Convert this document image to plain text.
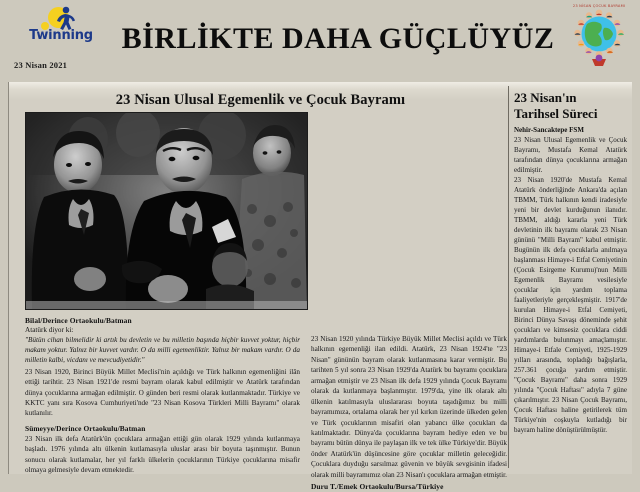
Twinning
23 Nisan 2021
BİRLİKTE DAHA GÜÇLÜYÜZ
23 NİSAN ÇOCUK BAYRAMI
23 Nisan Ulusal Egemenlik ve Çocuk Bayramı
Bilal/Derince Ortaokulu/Batman
Atatürk diyor ki:
"Bütün cihan bilmelidir ki artık bu devletin ve bu milletin başında hiçbir kuvvet yoktur, hiçbir makam yoktur. Yalnız bir kuvvet vardır. O da milli egemenliktir. Yalnız bir makam vardır. O da milletin kalbi, vicdanı ve mevcudiyetidir."
23 Nisan 1920, Birinci Büyük Millet Meclisi'nin açıldığı ve Türk halkının egemenliğini ilân ettiği tarihtir. 23 Nisan 1921'de resmi bayram olarak kabul edilmiştir ve Atatürk tarafından dünya çocuklarına armağan edilmiştir. O günden beri resmi olarak kutlanmaktadır. Türkiye ve KKTC yanı sıra Kosova Cumhuriyeti'nde "23 Nisan Kosova Türkleri Milli Bayramı" olarak kutlanılır.
Sümeyye/Derince Ortaokulu/Batman
23 Nisan ilk defa Atatürk'ün çocuklara armağan ettiği gün olarak 1929 yılında kutlanmaya başladı. 1976 yılında altı ülkenin kutlamasıyla uluslar arası bir boyuta taşınmıştır. Bunun sonucu olarak kutlamalar, her yıl farklı ülkelerin çocuklarının Türkiye çocuklarına misafir olmaya gelmesiyle devam etmektedir.
23 Nisan 1920 yılında Türkiye Büyük Millet Meclisi açıldı ve Türk halkının egemenliği ilan edildi. Atatürk, 23 Nisan 1924'te "23 Nisan" gününün bayram olarak kutlanmasına karar vermiştir. Bu tarihten 5 yıl sonra 23 Nisan 1929'da Atatürk bu bayramı çocuklara armağan etmiştir ve 23 Nisan ilk defa 1929 yılında Çocuk Bayramı olarak da kutlanmaya başlanmıştır. 1979'da, yine ilk olarak altı ülkenin katılmasıyla uluslararası boyuta taşıdığımız bu milli bayramımıza, ortalama olarak her yıl kırkın üzerinde ülkeden gelen ve Türk çocuklarının misafiri olan yabancı ülke çocukları da katılmaktadır. Dünya'da çocuklarına bayram hediye eden ve bu bayramı bütün dünya ile paylaşan ilk ve tek ülke Türkiye'dir. Büyük önder Atatürk'ün düşüncesine göre çocuklar milletin geleceğidir. Çocuklara duyduğu sarsılmaz güvenin ve büyük sevgisinin ifadesi olarak milli bayramımız olan 23 Nisan'ı çocuklara armağan etmiştir.
Duru T./Emek Ortaokulu/Bursa/Türkiye
23 Nisan'ın
Tarihsel Süreci
Nehir-Sancaktepe FSM
23 Nisan Ulusal Egemenlik ve Çocuk Bayramı, Mustafa Kemal Atatürk tarafından dünya çocuklarına armağan edilmiştir.
23 Nisan 1920'de Mustafa Kemal Atatürk önderliğinde Ankara'da açılan TBMM, Türk halkının kendi iradesiyle yeni bir devlet kurduğunun ilanıdır. TBMM, aldığı kararla yeni Türk devletinin ilk bayramı olarak 23 Nisan gününü "Milli Bayram" kabul etmiştir. Bugünün ilk defa çocuklarla anılmaya başlanması Himaye-i Etfal Cemiyetinin (Çocuk Esirgeme Kurumu)'nun Milli Egemenlik Bayramı vesilesiyle çocuklar için yardım toplama faaliyetleriyle gerçekleşmiştir. 1917'de kurulan Himaye-i Etfal Cemiyeti, Birinci Dünya Savaşı döneminde şehit çocukları ve kimsesiz çocuklara ciddi yardımlarda bulunmayı amaçlamıştır. Himaye-i Etfale Cemiyeti, 1925-1929 yılları arasında, topladığı bağışlarla, 257.361 çocuğa yardım etmiştir. "Çocuk Bayramı" daha sonra 1929 yılında "Çocuk Haftası" adıyla 7 güne çıkarılmıştır. 23 Nisan Çocuk Bayramı, Çocuk Haftası haline getirilerek tüm Türkiye'nin coşkuyla kutladığı bir bayram haline dönüştürülmüştür.
